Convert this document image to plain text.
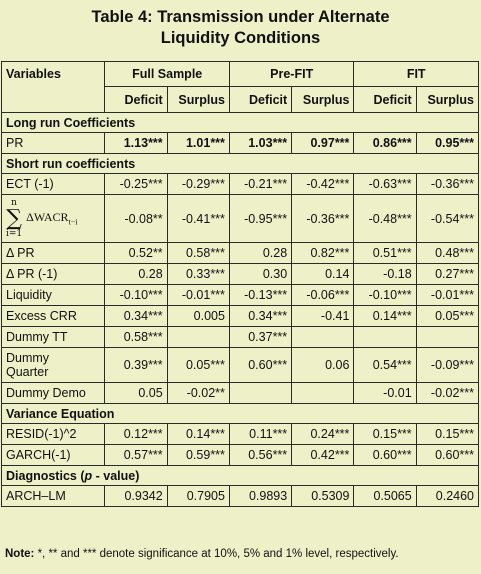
Table 4: Transmission under Alternate
Liquidity Conditions
Variables	Full Sample		Pre-FIT		FIT	
	Deficit	Surplus	Deficit	Surplus	Deficit	Surplus
Long run Coefficients						
PR	1.13***	1.01***	1.03***	0.97***	0.86***	0.95***
Short run coefficients						
ECT (-1)	-0.25***	-0.29***	-0.21***	-0.42***	-0.63***	-0.36***

n
∑
i=1
$\Delta WACR_{t-i}$	-0.08**	-0.41***	-0.95***	-0.36***	-0.48***	-0.54***
Δ PR	0.52**	0.58***	0.28	0.82***	0.51***	0.48***
Δ PR (-1)	0.28	0.33***	0.30	0.14	-0.18	0.27***
Liquidity	-0.10***	-0.01***	-0.13***	-0.06***	-0.10***	-0.01***
Excess CRR	0.34***	0.005	0.34***	-0.41	0.14***	0.05***
Dummy TT	0.58***		0.37***			

Dummy
Quarter	0.39***	0.05***	0.60***	0.06	0.54***	-0.09***
Dummy Demo	0.05	-0.02**			-0.01	-0.02***
Variance Equation						
RESID(-1)^2	0.12***	0.14***	0.11***	0.24***	0.15***	0.15***
GARCH(-1)	0.57***	0.59***	0.56***	0.42***	0.60***	0.60***
Diagnostics (p - value)						
ARCH–LM	0.9342	0.7905	0.9893	0.5309	0.5065	0.2460
Note: *, ** and *** denote significance at 10%, 5% and 1% level, respectively.
